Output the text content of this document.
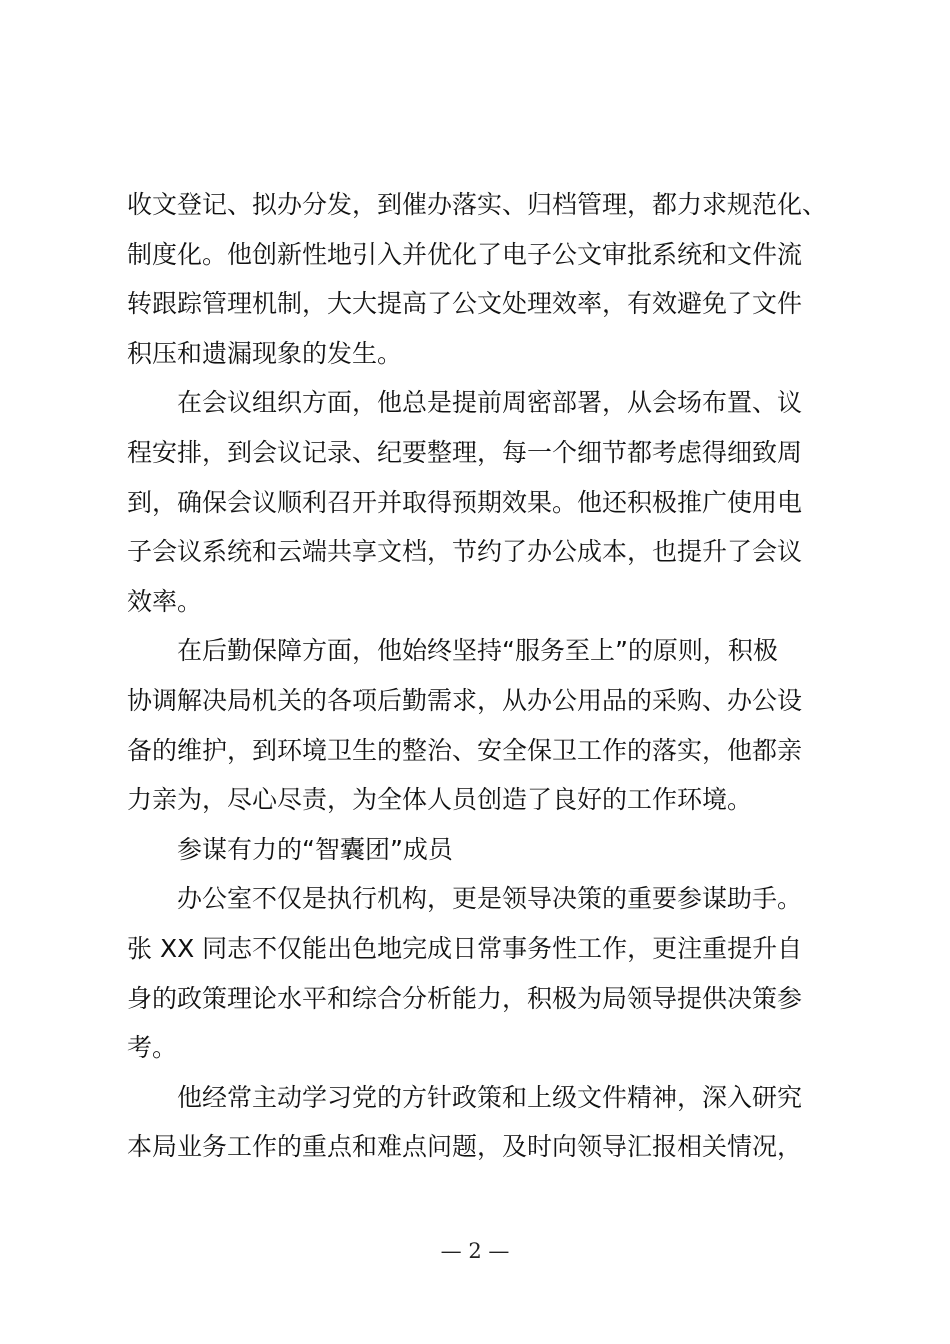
收文登记、拟办分发，到催办落实、归档管理，都力求规范化、
制度化。他创新性地引入并优化了电子公文审批系统和文件流
转跟踪管理机制，大大提高了公文处理效率，有效避免了文件
积压和遗漏现象的发生。
在会议组织方面，他总是提前周密部署，从会场布置、议
程安排，到会议记录、纪要整理，每一个细节都考虑得细致周
到，确保会议顺利召开并取得预期效果。他还积极推广使用电
子会议系统和云端共享文档，节约了办公成本，也提升了会议
效率。
在后勤保障方面，他始终坚持“服务至上”的原则，积极
协调解决局机关的各项后勤需求，从办公用品的采购、办公设
备的维护，到环境卫生的整治、安全保卫工作的落实，他都亲
力亲为，尽心尽责，为全体人员创造了良好的工作环境。
参谋有力的“智囊团”成员
办公室不仅是执行机构，更是领导决策的重要参谋助手。
张 XX 同志不仅能出色地完成日常事务性工作，更注重提升自
身的政策理论水平和综合分析能力，积极为局领导提供决策参
考。
他经常主动学习党的方针政策和上级文件精神，深入研究
本局业务工作的重点和难点问题，及时向领导汇报相关情况，
— 2 —
